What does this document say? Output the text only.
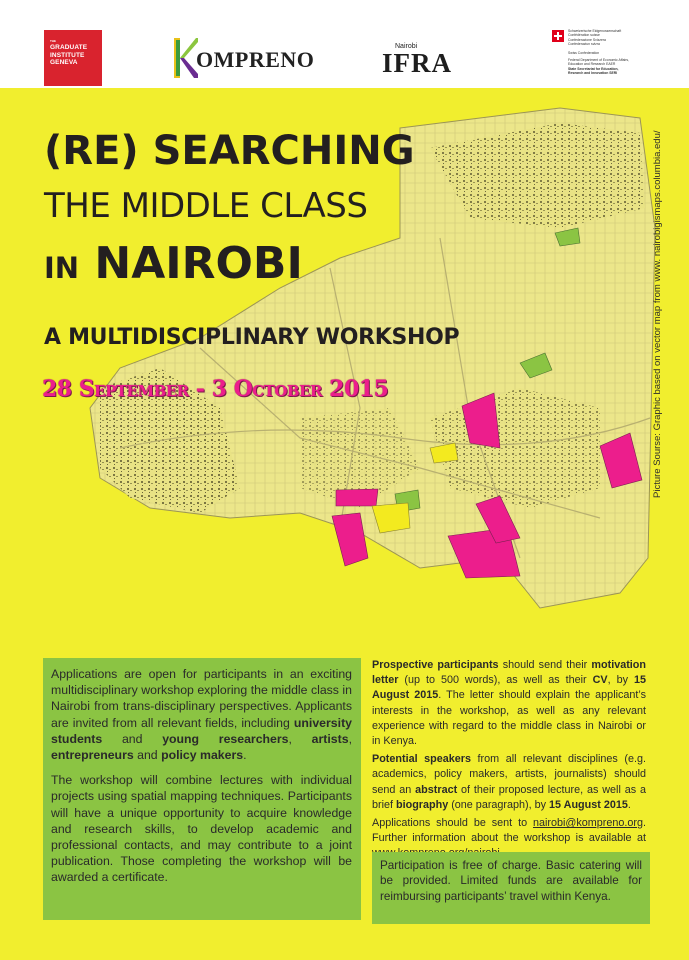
THE
GRADUATE
INSTITUTE
GENEVA	OMPRENO
Nairobi
IFRA
Schweizerische Eidgenossenschaft
Confédération suisse
Confederazione Svizzera
Confederaziun svizra
Swiss Confederation
Federal Department of Economic Affairs,
Education and Research EAER
State Secretariat for Education,
Research and Innovation SERI
(RE) SEARCHING
THE MIDDLE CLASS
IN NAIROBI
A MULTIDISCIPLINARY WORKSHOP
28 September - 3 October 2015	Picture Sourse: Graphic based on vector map from www. nairobigismaps.columbia.edu/

Applications are open for participants in an exciting multidisciplinary workshop exploring the middle class in Nairobi from trans-disciplinary perspectives. Applicants are invited from all relevant fields, including university students and young researchers, artists, entrepreneurs and policy makers.

The workshop will combine lectures with individual projects using spatial mapping techniques. Participants will have a unique opportunity to acquire knowledge and research skills, to develop academic and professional contacts, and may contribute to a joint publication. Those completing the workshop will be awarded a certificate.

Prospective participants should send their motivation letter (up to 500 words), as well as their CV, by 15 August 2015. The letter should explain the applicant’s interests in the workshop, as well as any relevant experience with regard to the middle class in Nairobi or in Kenya.

Potential speakers from all relevant disciplines (e.g. academics, policy makers, artists, journalists) should send an abstract of their proposed lecture, as well as a brief biography (one paragraph), by 15 August 2015.

Applications should be sent to nairobi@kompreno.org. Further information about the workshop is available at

Participation is free of charge. Basic catering will be provided. Limited funds are available for reimbursing participants’ travel within Kenya.
